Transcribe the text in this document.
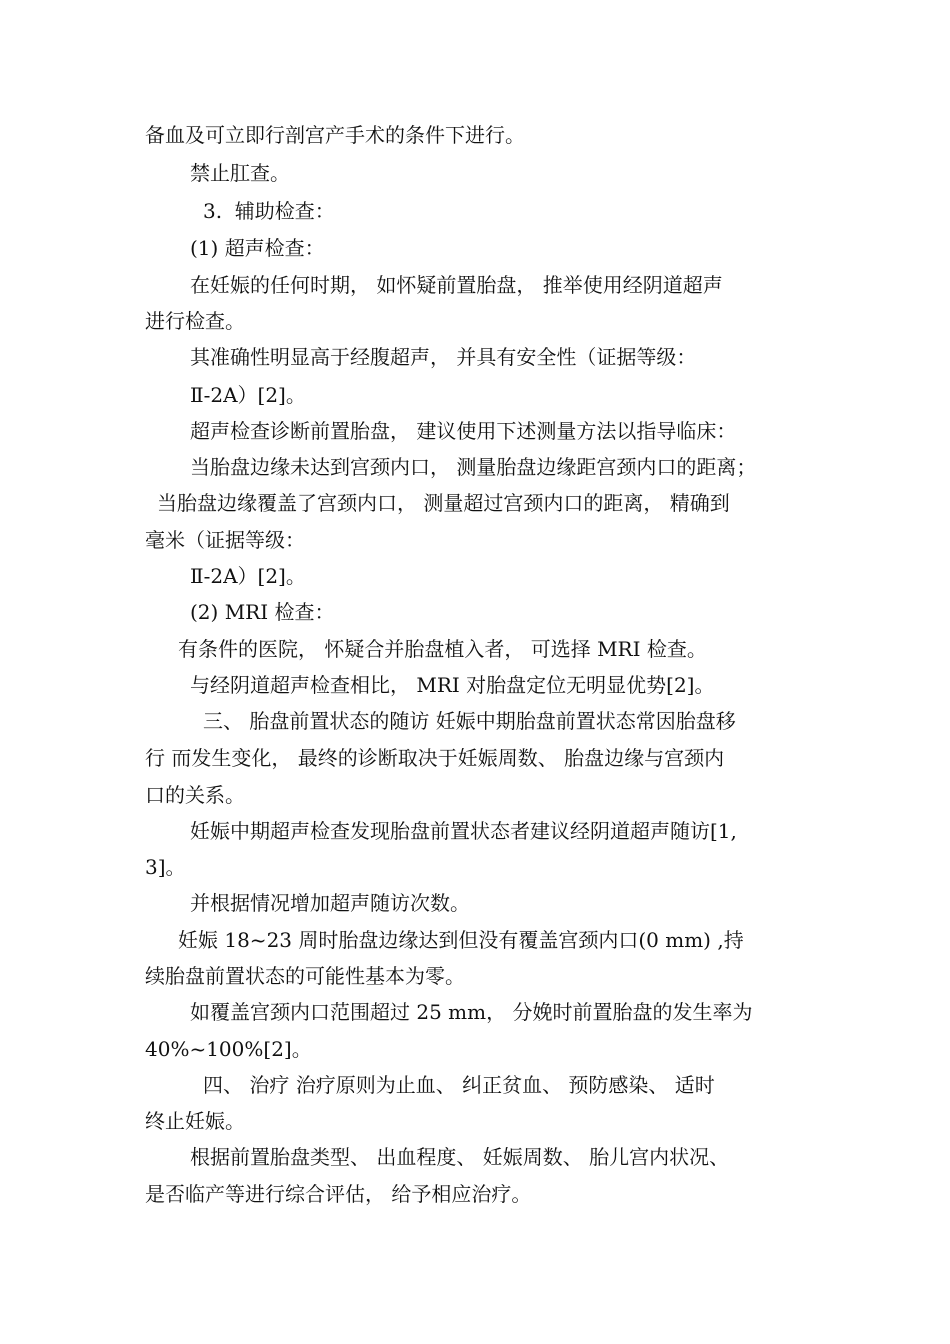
备血及可立即行剖宫产手术的条件下进行。
禁止肛查。
3.  辅助检查：
(1) 超声检查：
在妊娠的任何时期， 如怀疑前置胎盘， 推举使用经阴道超声
进行检查。
其准确性明显高于经腹超声， 并具有安全性（证据等级：
Ⅱ-2A）[2]。
超声检查诊断前置胎盘， 建议使用下述测量方法以指导临床：
当胎盘边缘未达到宫颈内口， 测量胎盘边缘距宫颈内口的距离；
当胎盘边缘覆盖了宫颈内口， 测量超过宫颈内口的距离， 精确到
毫米（证据等级：
Ⅱ-2A）[2]。
(2) MRI 检查：
有条件的医院， 怀疑合并胎盘植入者， 可选择 MRI 检查。
与经阴道超声检查相比， MRI 对胎盘定位无明显优势[2]。
三、 胎盘前置状态的随访 妊娠中期胎盘前置状态常因胎盘移
行 而发生变化， 最终的诊断取决于妊娠周数、 胎盘边缘与宫颈内
口的关系。
妊娠中期超声检查发现胎盘前置状态者建议经阴道超声随访[1,
3]。
并根据情况增加超声随访次数。
妊娠 18~23 周时胎盘边缘达到但没有覆盖宫颈内口(0 mm) ,持
续胎盘前置状态的可能性基本为零。
如覆盖宫颈内口范围超过 25 mm， 分娩时前置胎盘的发生率为
40%~100%[2]。
四、 治疗 治疗原则为止血、 纠正贫血、 预防感染、 适时
终止妊娠。
根据前置胎盘类型、 出血程度、 妊娠周数、 胎儿宫内状况、
是否临产等进行综合评估， 给予相应治疗。
